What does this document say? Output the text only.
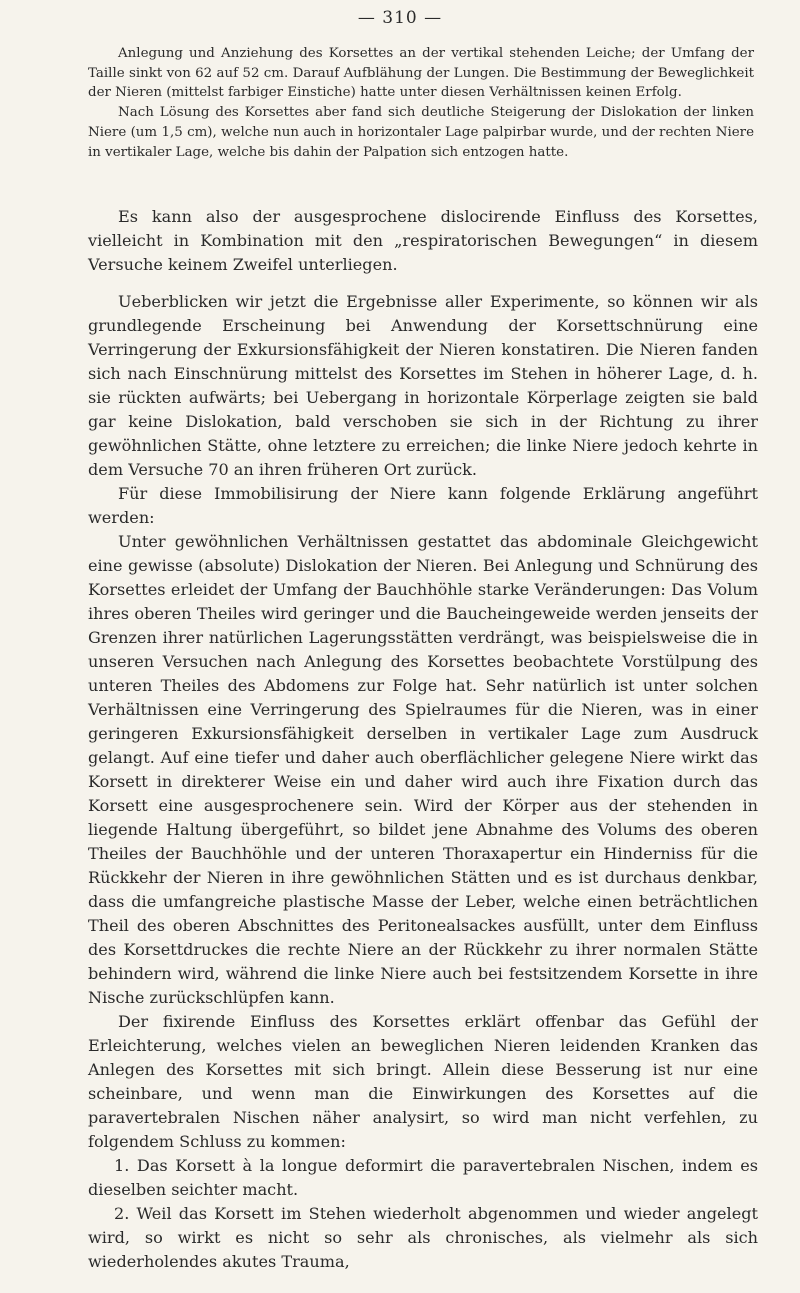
— 310 —

Anlegung und Anziehung des Korsettes an der vertikal stehenden Leiche; der Umfang der Taille sinkt von 62 auf 52 cm. Darauf Aufblähung der Lungen. Die Bestimmung der Beweglichkeit der Nieren (mittelst farbiger Einstiche) hatte unter diesen Verhältnissen keinen Erfolg.

Nach Lösung des Korsettes aber fand sich deutliche Steigerung der Dislokation der linken Niere (um 1,5 cm), welche nun auch in horizontaler Lage palpirbar wurde, und der rechten Niere in vertikaler Lage, welche bis dahin der Palpation sich entzogen hatte.

Es kann also der ausgesprochene dislocirende Einfluss des Korsettes, vielleicht in Kombination mit den „respiratorischen Bewegungen“ in diesem Versuche keinem Zweifel unterliegen.

Ueberblicken wir jetzt die Ergebnisse aller Experimente, so können wir als grundlegende Erscheinung bei Anwendung der Korsettschnürung eine Verringerung der Exkursionsfähigkeit der Nieren konstatiren. Die Nieren fanden sich nach Einschnürung mittelst des Korsettes im Stehen in höherer Lage, d. h. sie rückten aufwärts; bei Uebergang in horizontale Körperlage zeigten sie bald gar keine Dislokation, bald verschoben sie sich in der Richtung zu ihrer gewöhnlichen Stätte, ohne letztere zu erreichen; die linke Niere jedoch kehrte in dem Versuche 70 an ihren früheren Ort zurück.

Für diese Immobilisirung der Niere kann folgende Erklärung angeführt werden:

Unter gewöhnlichen Verhältnissen gestattet das abdominale Gleichgewicht eine gewisse (absolute) Dislokation der Nieren. Bei Anlegung und Schnürung des Korsettes erleidet der Umfang der Bauchhöhle starke Veränderungen: Das Volum ihres oberen Theiles wird geringer und die Baucheingeweide werden jenseits der Grenzen ihrer natürlichen Lagerungsstätten verdrängt, was beispielsweise die in unseren Versuchen nach Anlegung des Korsettes beobachtete Vorstülpung des unteren Theiles des Abdomens zur Folge hat. Sehr natürlich ist unter solchen Verhältnissen eine Verringerung des Spielraumes für die Nieren, was in einer geringeren Exkursionsfähigkeit derselben in vertikaler Lage zum Ausdruck gelangt. Auf eine tiefer und daher auch oberflächlicher gelegene Niere wirkt das Korsett in direkterer Weise ein und daher wird auch ihre Fixation durch das Korsett eine ausgesprochenere sein. Wird der Körper aus der stehenden in liegende Haltung übergeführt, so bildet jene Abnahme des Volums des oberen Theiles der Bauchhöhle und der unteren Thoraxapertur ein Hinderniss für die Rückkehr der Nieren in ihre gewöhnlichen Stätten und es ist durchaus denkbar, dass die umfangreiche plastische Masse der Leber, welche einen beträchtlichen Theil des oberen Abschnittes des Peritonealsackes ausfüllt, unter dem Einfluss des Korsettdruckes die rechte Niere an der Rückkehr zu ihrer normalen Stätte behindern wird, während die linke Niere auch bei festsitzendem Korsette in ihre Nische zurückschlüpfen kann.

Der fixirende Einfluss des Korsettes erklärt offenbar das Gefühl der Erleichterung, welches vielen an beweglichen Nieren leidenden Kranken das Anlegen des Korsettes mit sich bringt. Allein diese Besserung ist nur eine scheinbare, und wenn man die Einwirkungen des Korsettes auf die paravertebralen Nischen näher analysirt, so wird man nicht verfehlen, zu folgendem Schluss zu kommen:

1. Das Korsett à la longue deformirt die paravertebralen Nischen, indem es dieselben seichter macht.

2. Weil das Korsett im Stehen wiederholt abgenommen und wieder angelegt wird, so wirkt es nicht so sehr als chronisches, als vielmehr als sich wiederholendes akutes Trauma,
